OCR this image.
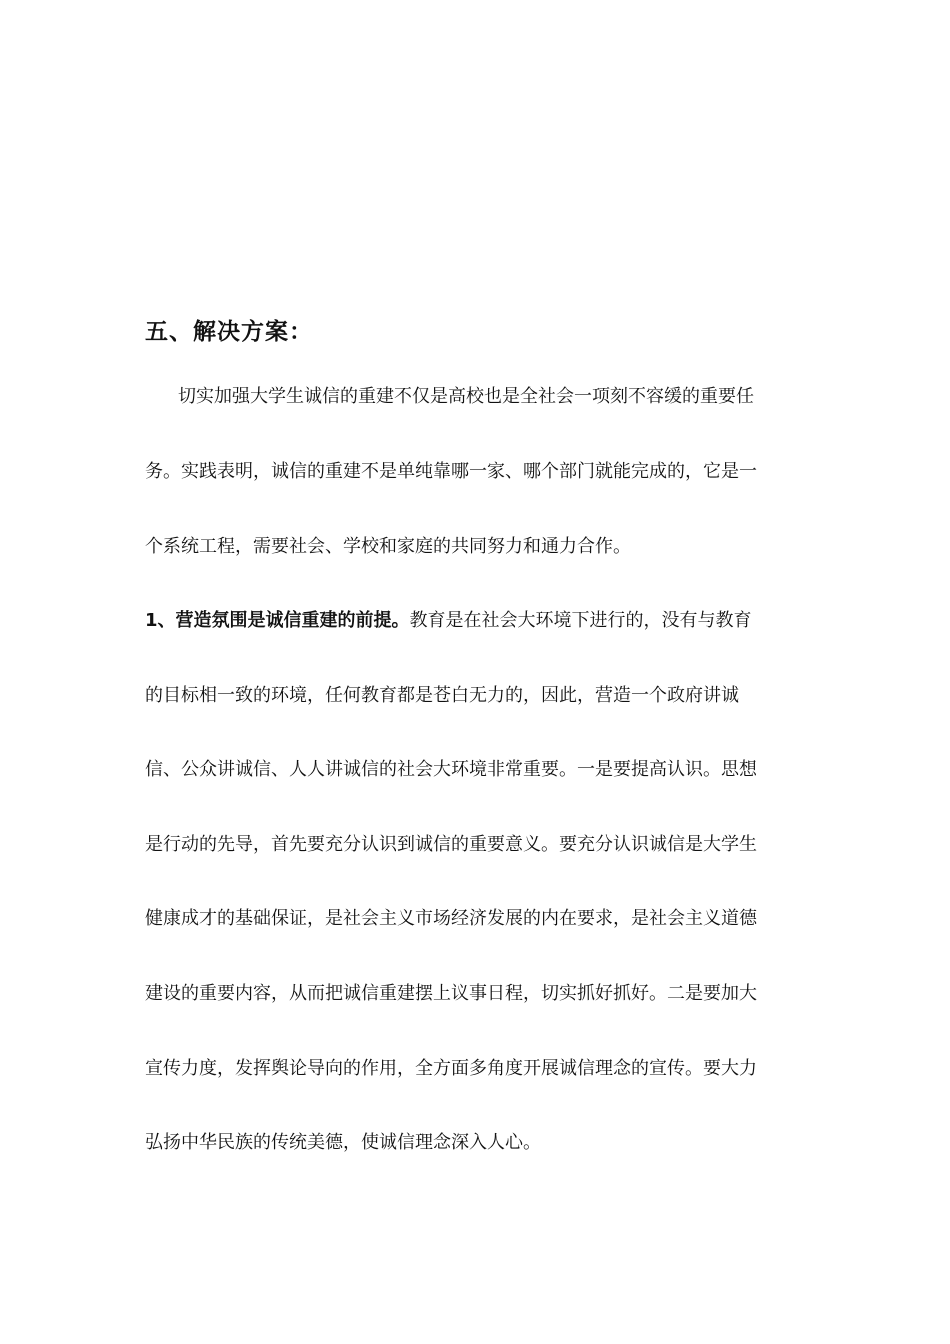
五、解决方案：
切实加强大学生诚信的重建不仅是高校也是全社会一项刻不容缓的重要任
务。实践表明，诚信的重建不是单纯靠哪一家、哪个部门就能完成的，它是一
个系统工程，需要社会、学校和家庭的共同努力和通力合作。
1、营造氛围是诚信重建的前提。教育是在社会大环境下进行的，没有与教育
的目标相一致的环境，任何教育都是苍白无力的，因此，营造一个政府讲诚
信、公众讲诚信、人人讲诚信的社会大环境非常重要。一是要提高认识。思想
是行动的先导，首先要充分认识到诚信的重要意义。要充分认识诚信是大学生
健康成才的基础保证，是社会主义市场经济发展的内在要求，是社会主义道德
建设的重要内容，从而把诚信重建摆上议事日程，切实抓好抓好。二是要加大
宣传力度，发挥舆论导向的作用，全方面多角度开展诚信理念的宣传。要大力
弘扬中华民族的传统美德，使诚信理念深入人心。
